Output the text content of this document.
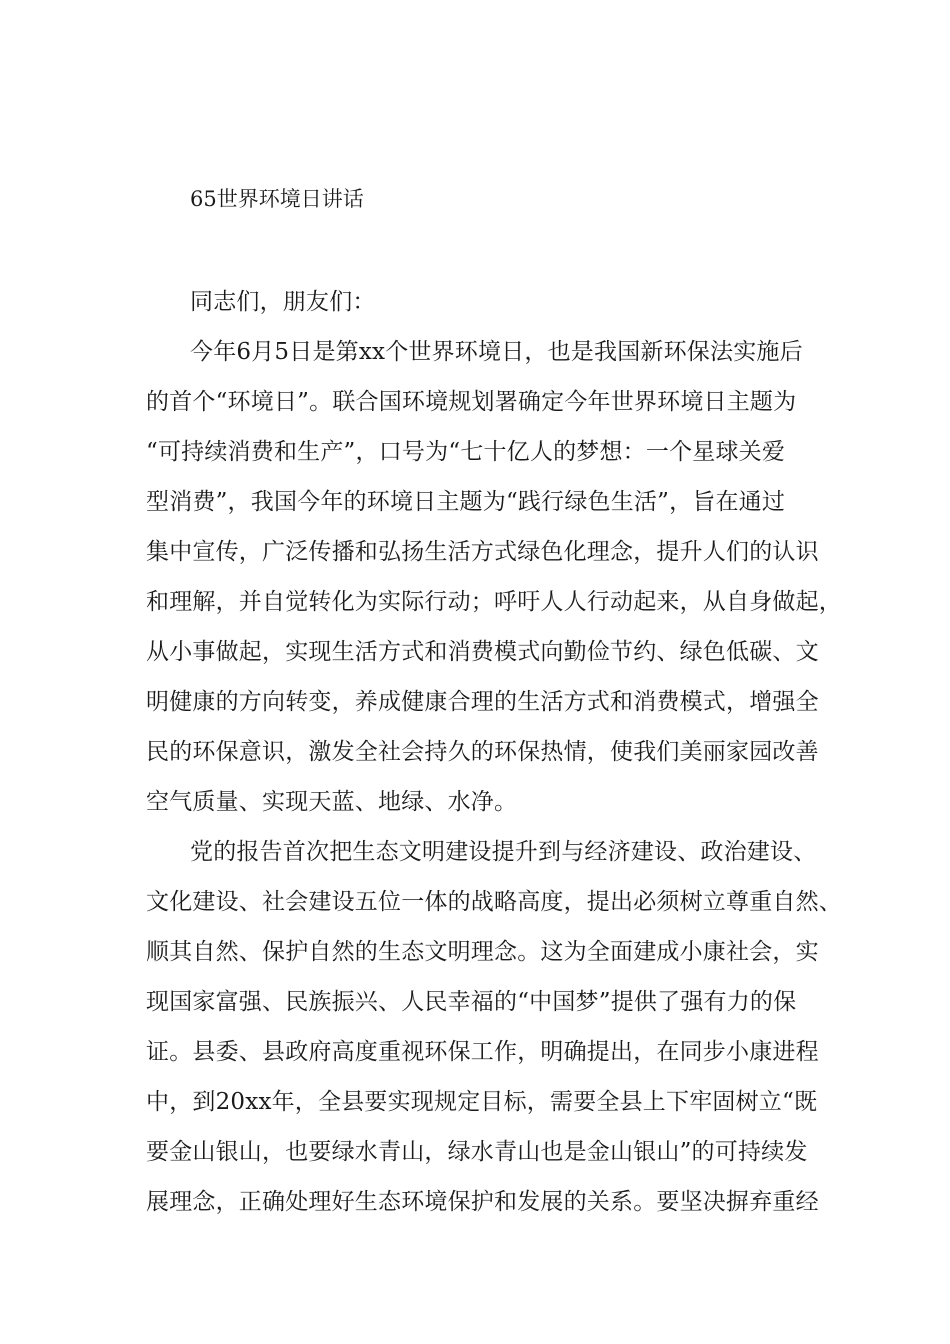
65世界环境日讲话

同志们，朋友们：

今年6月5日是第xx个世界环境日，也是我国新环保法实施后

的首个“环境日”。联合国环境规划署确定今年世界环境日主题为

“可持续消费和生产”，口号为“七十亿人的梦想：一个星球关爱

型消费”，我国今年的环境日主题为“践行绿色生活”，旨在通过

集中宣传，广泛传播和弘扬生活方式绿色化理念，提升人们的认识

和理解，并自觉转化为实际行动；呼吁人人行动起来，从自身做起，

从小事做起，实现生活方式和消费模式向勤俭节约、绿色低碳、文

明健康的方向转变，养成健康合理的生活方式和消费模式，增强全

民的环保意识，激发全社会持久的环保热情，使我们美丽家园改善

空气质量、实现天蓝、地绿、水净。

党的报告首次把生态文明建设提升到与经济建设、政治建设、

文化建设、社会建设五位一体的战略高度，提出必须树立尊重自然、

顺其自然、保护自然的生态文明理念。这为全面建成小康社会，实

现国家富强、民族振兴、人民幸福的“中国梦”提供了强有力的保

证。县委、县政府高度重视环保工作，明确提出，在同步小康进程

中，到20xx年，全县要实现规定目标，需要全县上下牢固树立“既

要金山银山，也要绿水青山，绿水青山也是金山银山”的可持续发

展理念，正确处理好生态环境保护和发展的关系。要坚决摒弃重经
